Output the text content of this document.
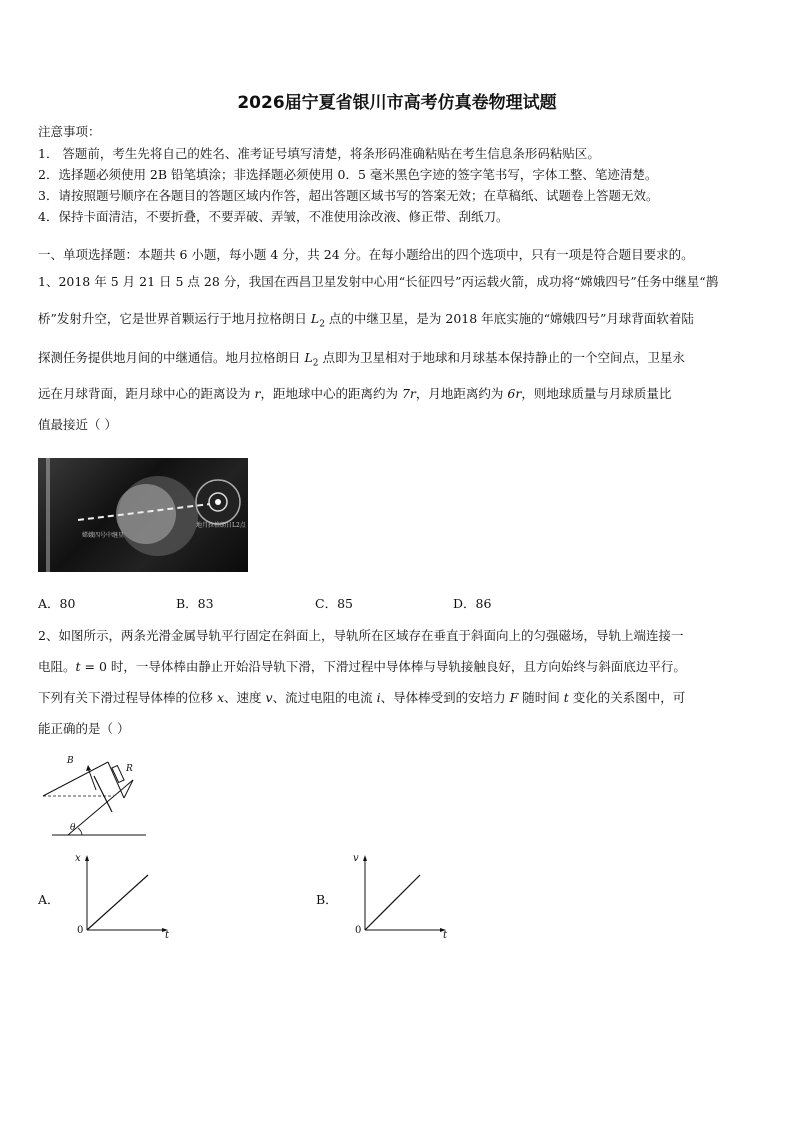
2026届宁夏省银川市高考仿真卷物理试题
注意事项：
1． 答题前，考生先将自己的姓名、准考证号填写清楚，将条形码准确粘贴在考生信息条形码粘贴区。
2．选择题必须使用 2B 铅笔填涂；非选择题必须使用 0．5 毫米黑色字迹的签字笔书写，字体工整、笔迹清楚。
3．请按照题号顺序在各题目的答题区域内作答，超出答题区域书写的答案无效；在草稿纸、试题卷上答题无效。
4．保持卡面清洁，不要折叠，不要弄破、弄皱，不准使用涂改液、修正带、刮纸刀。
一、单项选择题：本题共 6 小题，每小题 4 分，共 24 分。在每小题给出的四个选项中，只有一项是符合题目要求的。
1、2018 年 5 月 21 日 5 点 28 分，我国在西昌卫星发射中心用“长征四号”丙运载火箭，成功将“嫦娥四号”任务中继星“鹊
桥”发射升空，它是世界首颗运行于地月拉格朗日 $L_2$ 点的中继卫星，是为 2018 年底实施的“嫦娥四号”月球背面软着陆
探测任务提供地月间的中继通信。地月拉格朗日 $L_2$ 点即为卫星相对于地球和月球基本保持静止的一个空间点，卫星永
远在月球背面，距月球中心的距离设为 r，距地球中心的距离约为 7r，月地距离约为 6r，则地球质量与月球质量比
值最接近（ ）
嫦娥四号中继星
地月拉格朗日L2点
A．80	B．83	C．85	D．86
2、如图所示，两条光滑金属导轨平行固定在斜面上，导轨所在区域存在垂直于斜面向上的匀强磁场，导轨上端连接一
电阻。t = 0 时，一导体棒由静止开始沿导轨下滑，下滑过程中导体棒与导轨接触良好，且方向始终与斜面底边平行。
下列有关下滑过程导体棒的位移 x、速度 v、流过电阻的电流 i、导体棒受到的安培力 F 随时间 t 变化的关系图中，可
能正确的是（ ）
B
R
θ
A．
x
t
0
B．
v
t
0
